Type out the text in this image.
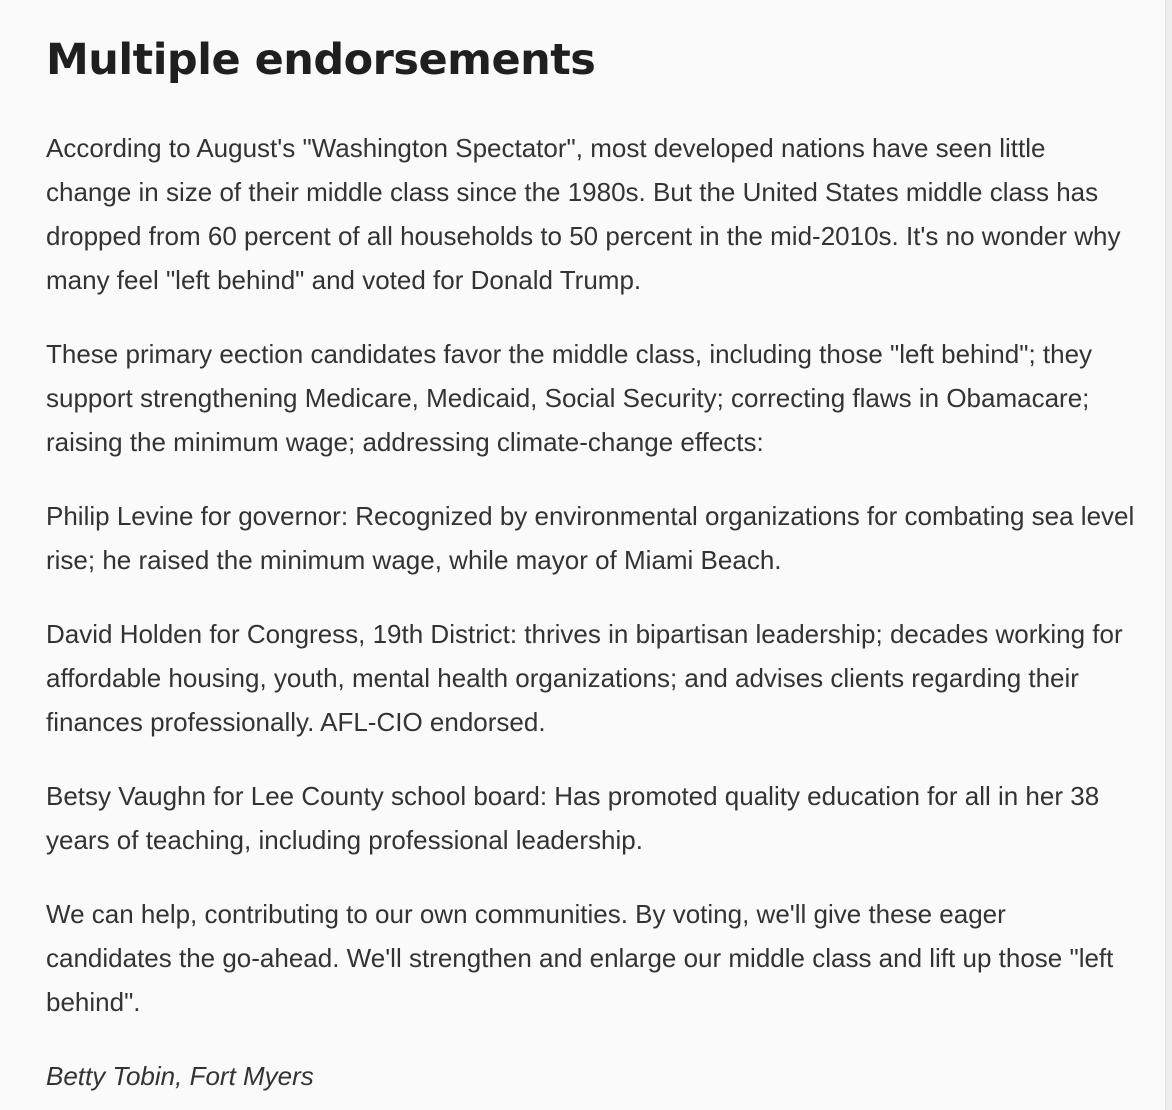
Multiple endorsements

According to August's "Washington Spectator", most developed nations have seen little change in size of their middle class since the 1980s. But the United States middle class has dropped from 60 percent of all households to 50 percent in the mid-2010s. It's no wonder why many feel "left behind" and voted for Donald Trump.

These primary eection candidates favor the middle class, including those "left behind"; they support strengthening Medicare, Medicaid, Social Security; correcting flaws in Obamacare; raising the minimum wage; addressing climate-change effects:

Philip Levine for governor: Recognized by environmental organizations for combating sea level rise; he raised the minimum wage, while mayor of Miami Beach.

David Holden for Congress, 19th District: thrives in bipartisan leadership; decades working for affordable housing, youth, mental health organizations; and advises clients regarding their finances professionally. AFL-CIO endorsed.

Betsy Vaughn for Lee County school board: Has promoted quality education for all in her 38 years of teaching, including professional leadership.

We can help, contributing to our own communities. By voting, we'll give these eager candidates the go-ahead. We'll strengthen and enlarge our middle class and lift up those "left behind".

Betty Tobin, Fort Myers
